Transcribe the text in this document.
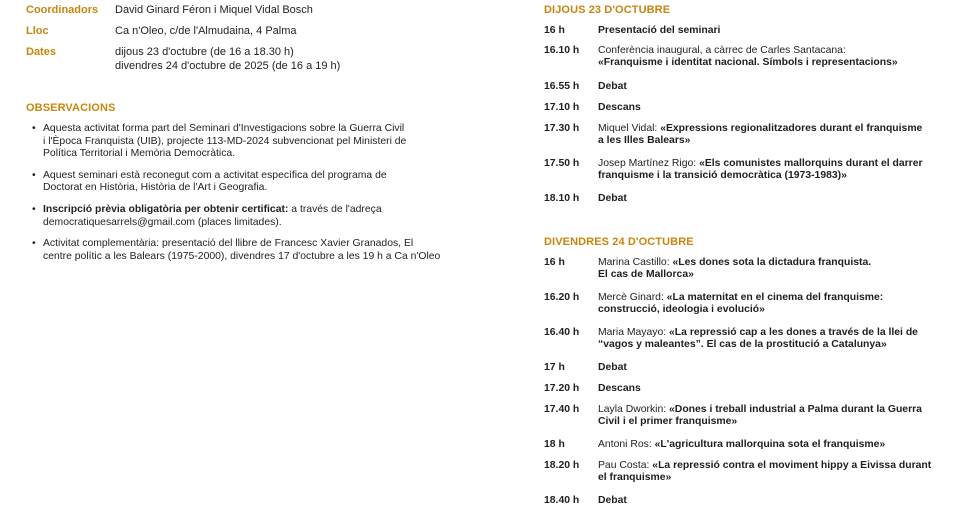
Coordinadors	David Ginard Féron i Miquel Vidal Bosch
Lloc	Ca n'Oleo, c/de l'Almudaina, 4 Palma
Dates	dijous 23 d'octubre (de 16 a 18.30 h)
divendres 24 d'octubre de 2025 (de 16 a 19 h)
OBSERVACIONS
• Aquesta activitat forma part del Seminari d'Investigacions sobre la Guerra Civil
i l'Època Franquista (UIB), projecte 113-MD-2024 subvencionat pel Ministeri de
Política Territorial i Memòria Democràtica.
• Aquest seminari està reconegut com a activitat específica del programa de
Doctorat en Història, Història de l'Art i Geografia.
• Inscripció prèvia obligatòria per obtenir certificat: a través de l'adreça
democratiquesarrels@gmail.com (places limitades).
• Activitat complementària: presentació del llibre de Francesc Xavier Granados, El
centre polític a les Balears (1975-2000), divendres 17 d'octubre a les 19 h a Ca n'Oleo
DIJOUS 23 D'OCTUBRE
16 h	Presentació del seminari
16.10 h	Conferència inaugural, a càrrec de Carles Santacana:
«Franquisme i identitat nacional. Símbols i representacions»
16.55 h	Debat
17.10 h	Descans
17.30 h	Miquel Vidal: «Expressions regionalitzadores durant el franquisme
a les Illes Balears»
17.50 h	Josep Martínez Rigo: «Els comunistes mallorquins durant el darrer
franquisme i la transició democràtica (1973-1983)»
18.10 h	Debat
DIVENDRES 24 D'OCTUBRE
16 h	Marina Castillo: «Les dones sota la dictadura franquista.
El cas de Mallorca»
16.20 h	Mercè Ginard: «La maternitat en el cinema del franquisme:
construcció, ideologia i evolució»
16.40 h	Maria Mayayo: «La repressió cap a les dones a través de la llei de
“vagos y maleantes”. El cas de la prostitució a Catalunya»
17 h	Debat
17.20 h	Descans
17.40 h	Layla Dworkin: «Dones i treball industrial a Palma durant la Guerra
Civil i el primer franquisme»
18 h	Antoni Ros: «L'agricultura mallorquina sota el franquisme»
18.20 h	Pau Costa: «La repressió contra el moviment hippy a Eivissa durant
el franquisme»
18.40 h	Debat
